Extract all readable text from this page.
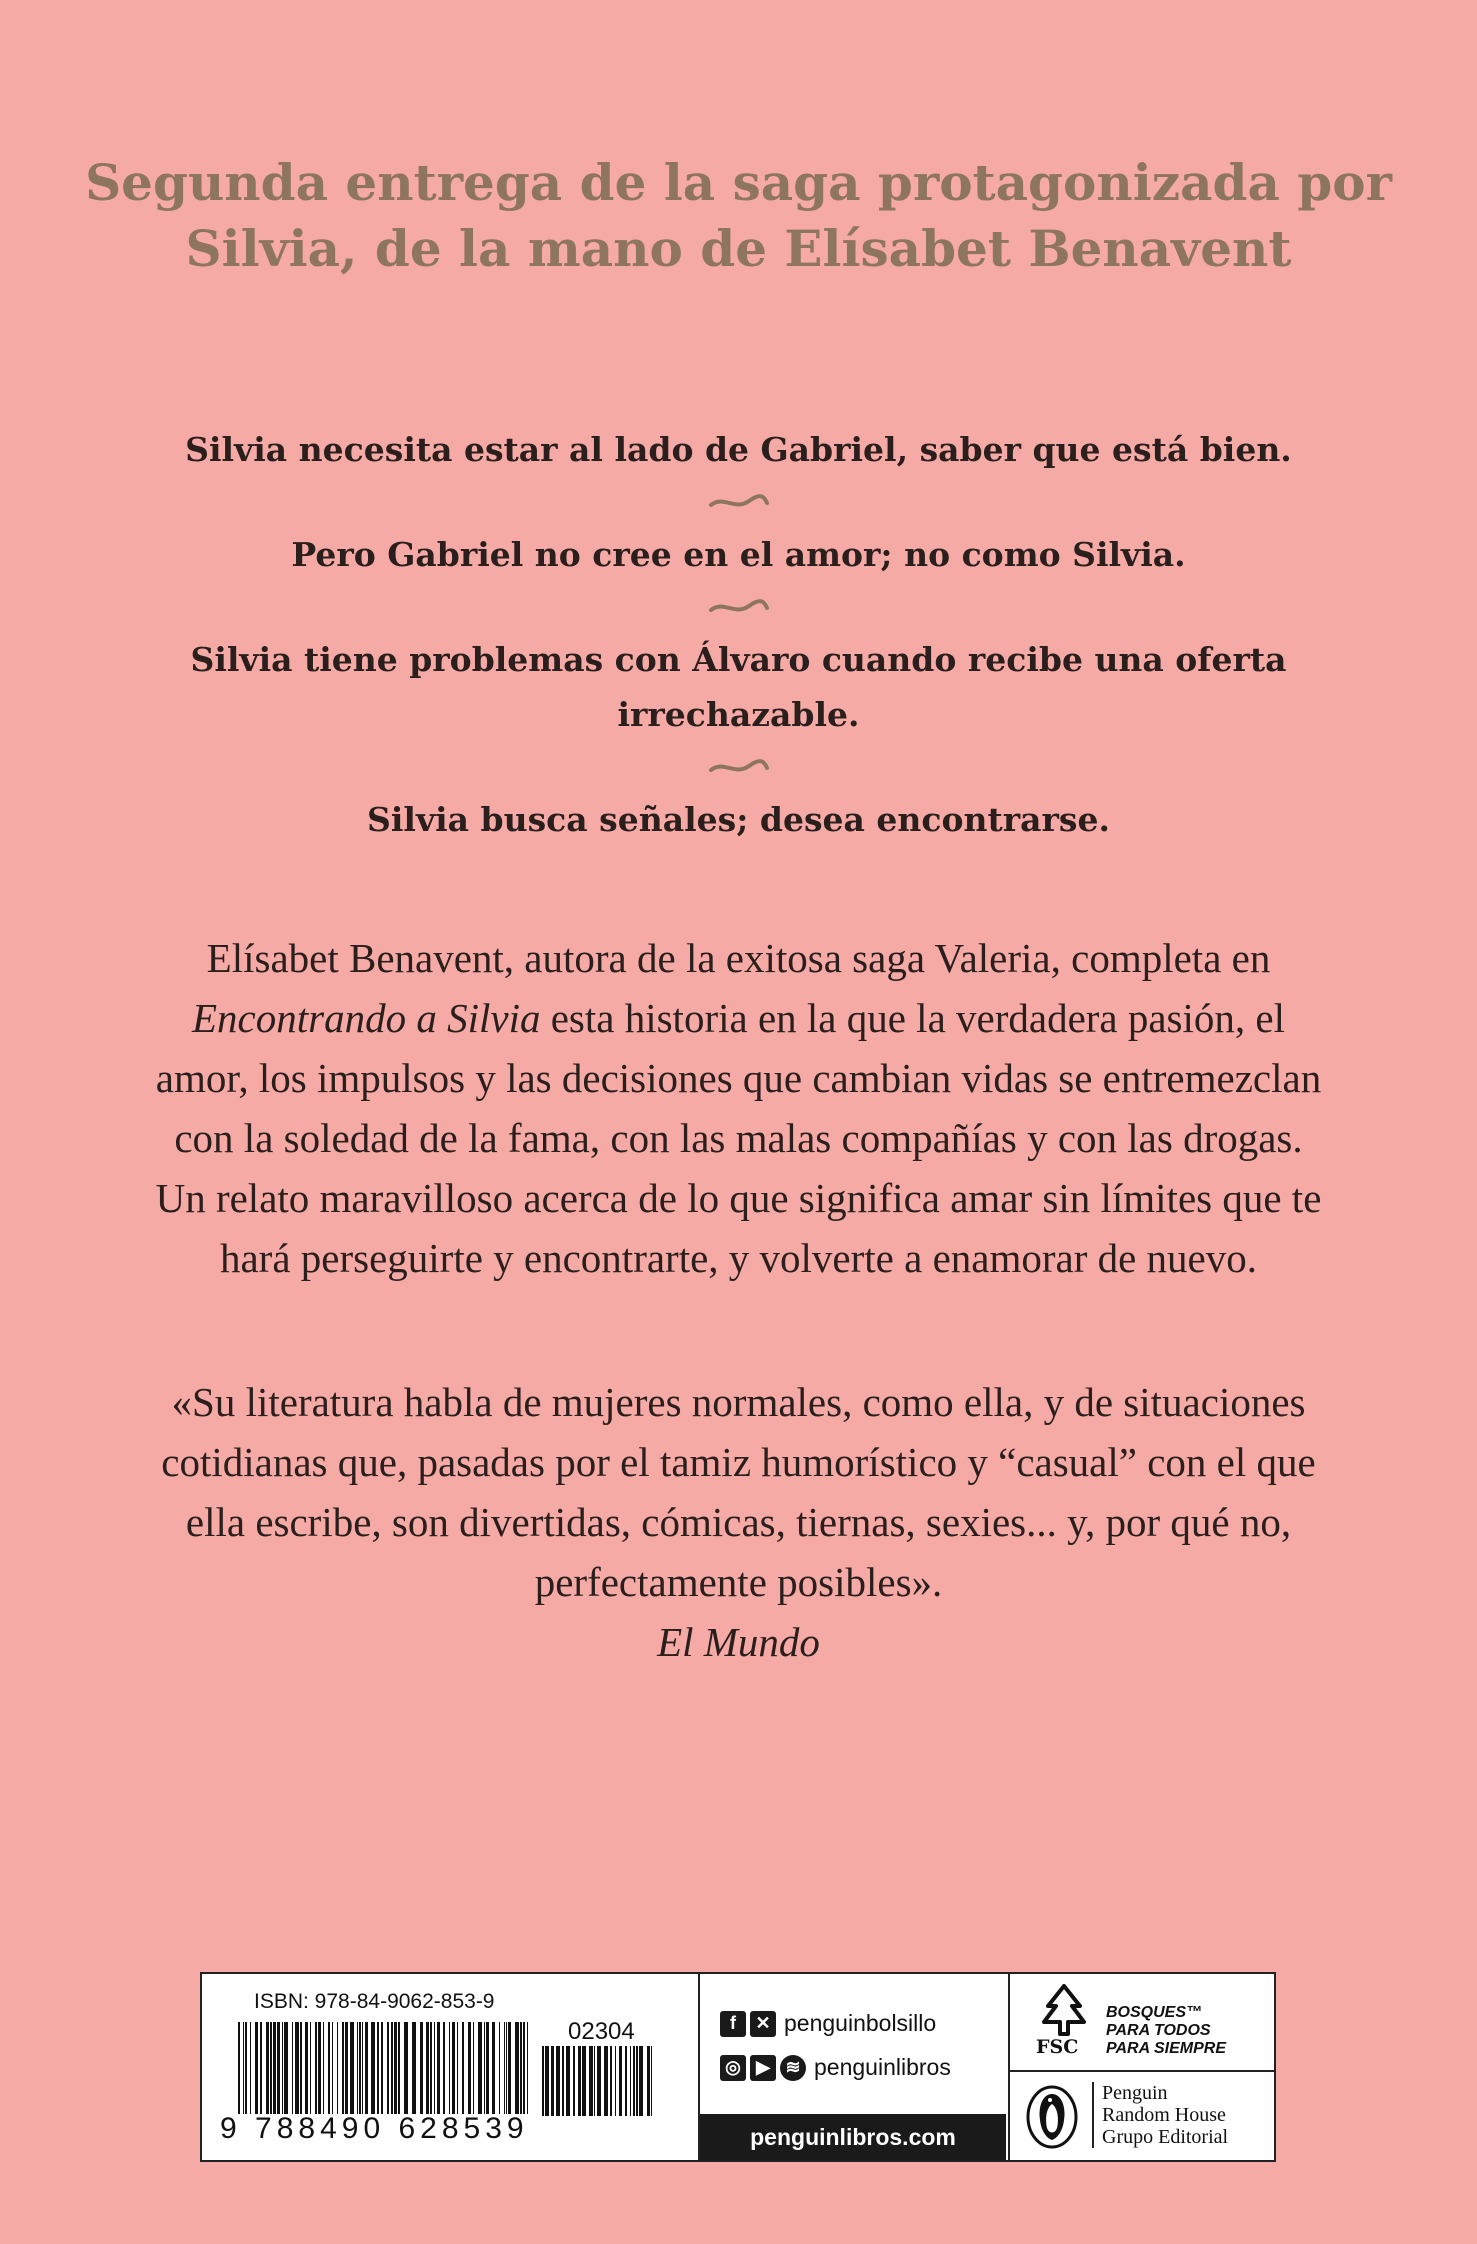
Segunda entrega de la saga protagonizada por Silvia, de la mano de Elísabet Benavent

Silvia necesita estar al lado de Gabriel, saber que está bien.

Pero Gabriel no cree en el amor; no como Silvia.

Silvia tiene problemas con Álvaro cuando recibe una oferta irrechazable.

Silvia busca señales; desea encontrarse.

Elísabet Benavent, autora de la exitosa saga Valeria, completa en Encontrando a Silvia esta historia en la que la verdadera pasión, el amor, los impulsos y las decisiones que cambian vidas se entremezclan con la soledad de la fama, con las malas compañías y con las drogas. Un relato maravilloso acerca de lo que significa amar sin límites que te hará perseguirte y encontrarte, y volverte a enamorar de nuevo.

«Su literatura habla de mujeres normales, como ella, y de situaciones cotidianas que, pasadas por el tamiz humorístico y “casual” con el que ella escribe, son divertidas, cómicas, tiernas, sexies... y, por qué no, perfectamente posibles».

El Mundo
ISBN: 978-84-9062-853-9
02304
9 788490 628539
f	✕ penguinbolsillo
◎ ▶ ≋ penguinlibros
penguinlibros.com
FSC
BOSQUES™
PARA TODOS
PARA SIEMPRE
Penguin
Random House
Grupo Editorial
